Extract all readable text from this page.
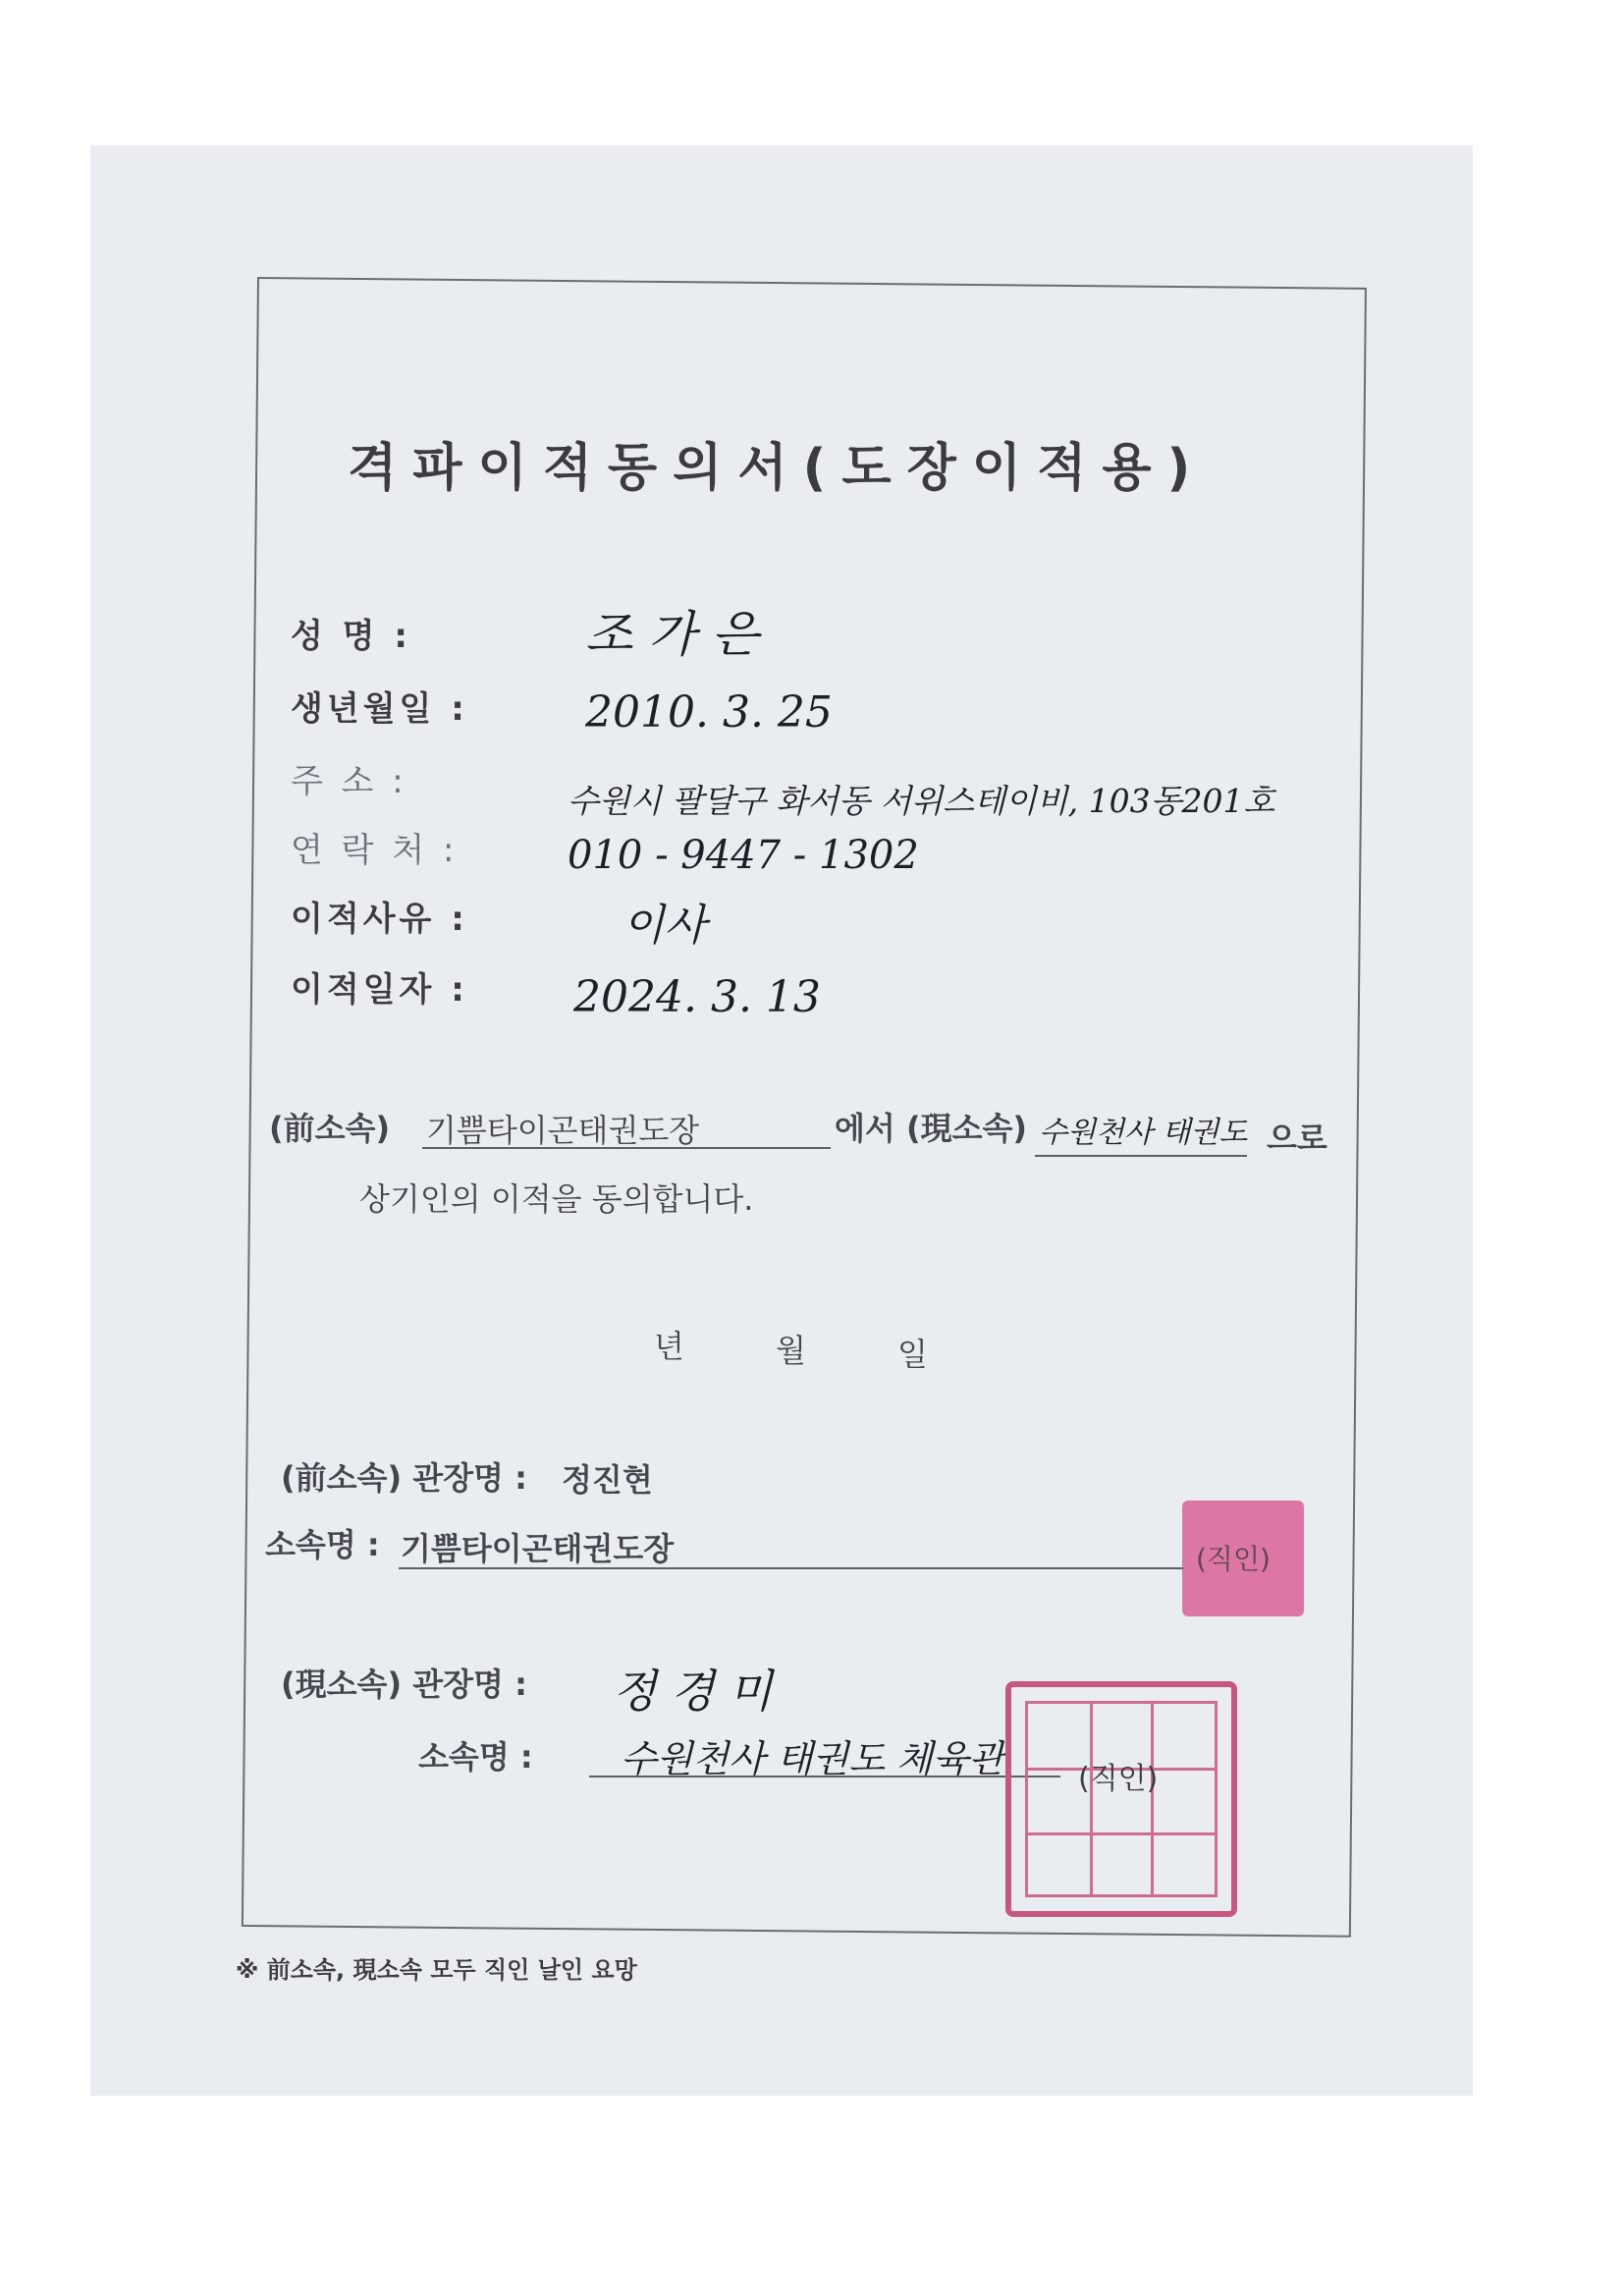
격파이적동의서(도장이적용)
성 명 :	조 가 은
생년월일 :	2010. 3. 25
주 소 :	수원시 팔달구 화서동 서위스테이비, 103동201호
연 락 처 :	010 - 9447 - 1302
이적사유 :	이사
이적일자 : 2024. 3. 13
(前소속) 기쁨타이곤태권도장	에서 (現소속) 수원천사 태권도 으로
상기인의 이적을 동의합니다.
년	월	일
(前소속) 관장명 : 정진현
소속명 : 기쁨타이곤태권도장	(직인)
(現소속) 관장명 : 정 경 미
소속명 : 수원천사 태권도 체육관 (직인)
※ 前소속, 現소속 모두 직인 날인 요망
